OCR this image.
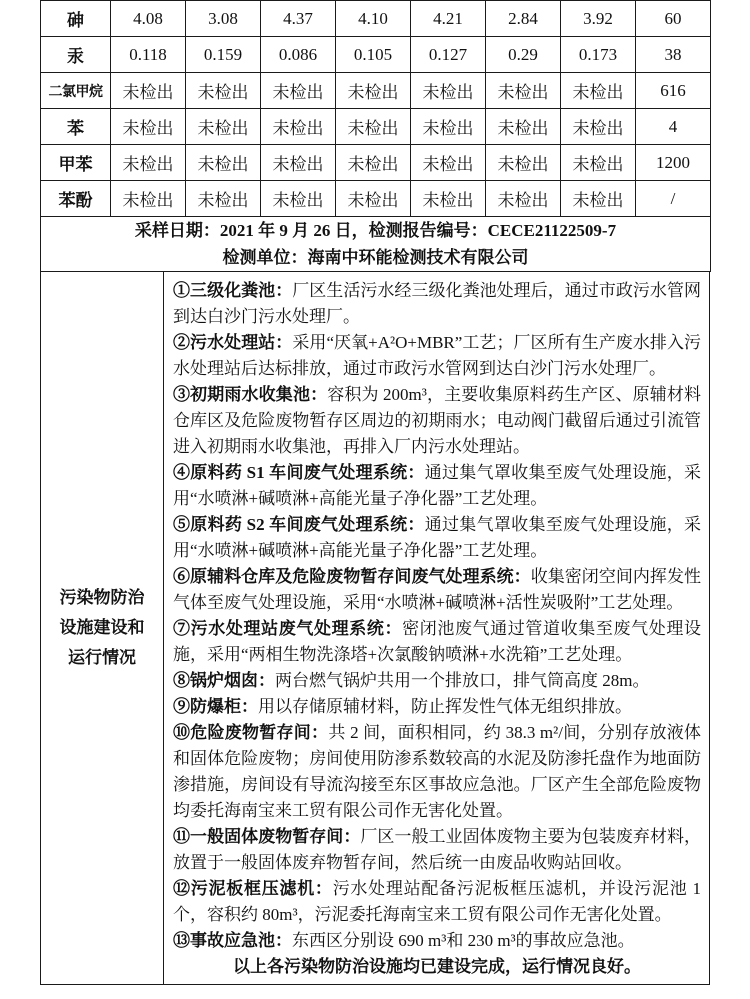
砷	4.08	3.08	4.37	4.10	4.21	2.84	3.92	60
汞	0.118	0.159	0.086	0.105	0.127	0.29	0.173	38
二氯甲烷	未检出	未检出	未检出	未检出	未检出	未检出	未检出	616
苯	未检出	未检出	未检出	未检出	未检出	未检出	未检出	4
甲苯	未检出	未检出	未检出	未检出	未检出	未检出	未检出	1200
苯酚	未检出	未检出	未检出	未检出	未检出	未检出	未检出	/

采样日期：2021 年 9 月 26 日，检测报告编号：CECE21122509-7
检测单位：海南中环能检测技术有限公司								
污染物防治
设施建设和
运行情况

①三级化粪池：厂区生活污水经三级化粪池处理后，通过市政污水管网到达白沙门污水处理厂。

②污水处理站：采用“厌氧+A²O+MBR”工艺；厂区所有生产废水排入污水处理站后达标排放，通过市政污水管网到达白沙门污水处理厂。

③初期雨水收集池：容积为 200m³，主要收集原料药生产区、原辅材料仓库区及危险废物暂存区周边的初期雨水；电动阀门截留后通过引流管进入初期雨水收集池，再排入厂内污水处理站。

④原料药 S1 车间废气处理系统：通过集气罩收集至废气处理设施，采用“水喷淋+碱喷淋+高能光量子净化器”工艺处理。

⑤原料药 S2 车间废气处理系统：通过集气罩收集至废气处理设施，采用“水喷淋+碱喷淋+高能光量子净化器”工艺处理。

⑥原辅料仓库及危险废物暂存间废气处理系统：收集密闭空间内挥发性气体至废气处理设施，采用“水喷淋+碱喷淋+活性炭吸附”工艺处理。

⑦污水处理站废气处理系统：密闭池废气通过管道收集至废气处理设施，采用“两相生物洗涤塔+次氯酸钠喷淋+水洗箱”工艺处理。

⑧锅炉烟囱：两台燃气锅炉共用一个排放口，排气筒高度 28m。

⑨防爆柜：用以存储原辅材料，防止挥发性气体无组织排放。

⑩危险废物暂存间：共 2 间，面积相同，约 38.3 m²/间，分别存放液体和固体危险废物；房间使用防渗系数较高的水泥及防渗托盘作为地面防渗措施，房间设有导流沟接至东区事故应急池。厂区产生全部危险废物均委托海南宝来工贸有限公司作无害化处置。

⑪一般固体废物暂存间：厂区一般工业固体废物主要为包装废弃材料，放置于一般固体废弃物暂存间，然后统一由废品收购站回收。

⑫污泥板框压滤机：污水处理站配备污泥板框压滤机，并设污泥池 1 个，容积约 80m³，污泥委托海南宝来工贸有限公司作无害化处置。

⑬事故应急池：东西区分别设 690 m³和 230 m³的事故应急池。

以上各污染物防治设施均已建设完成，运行情况良好。
